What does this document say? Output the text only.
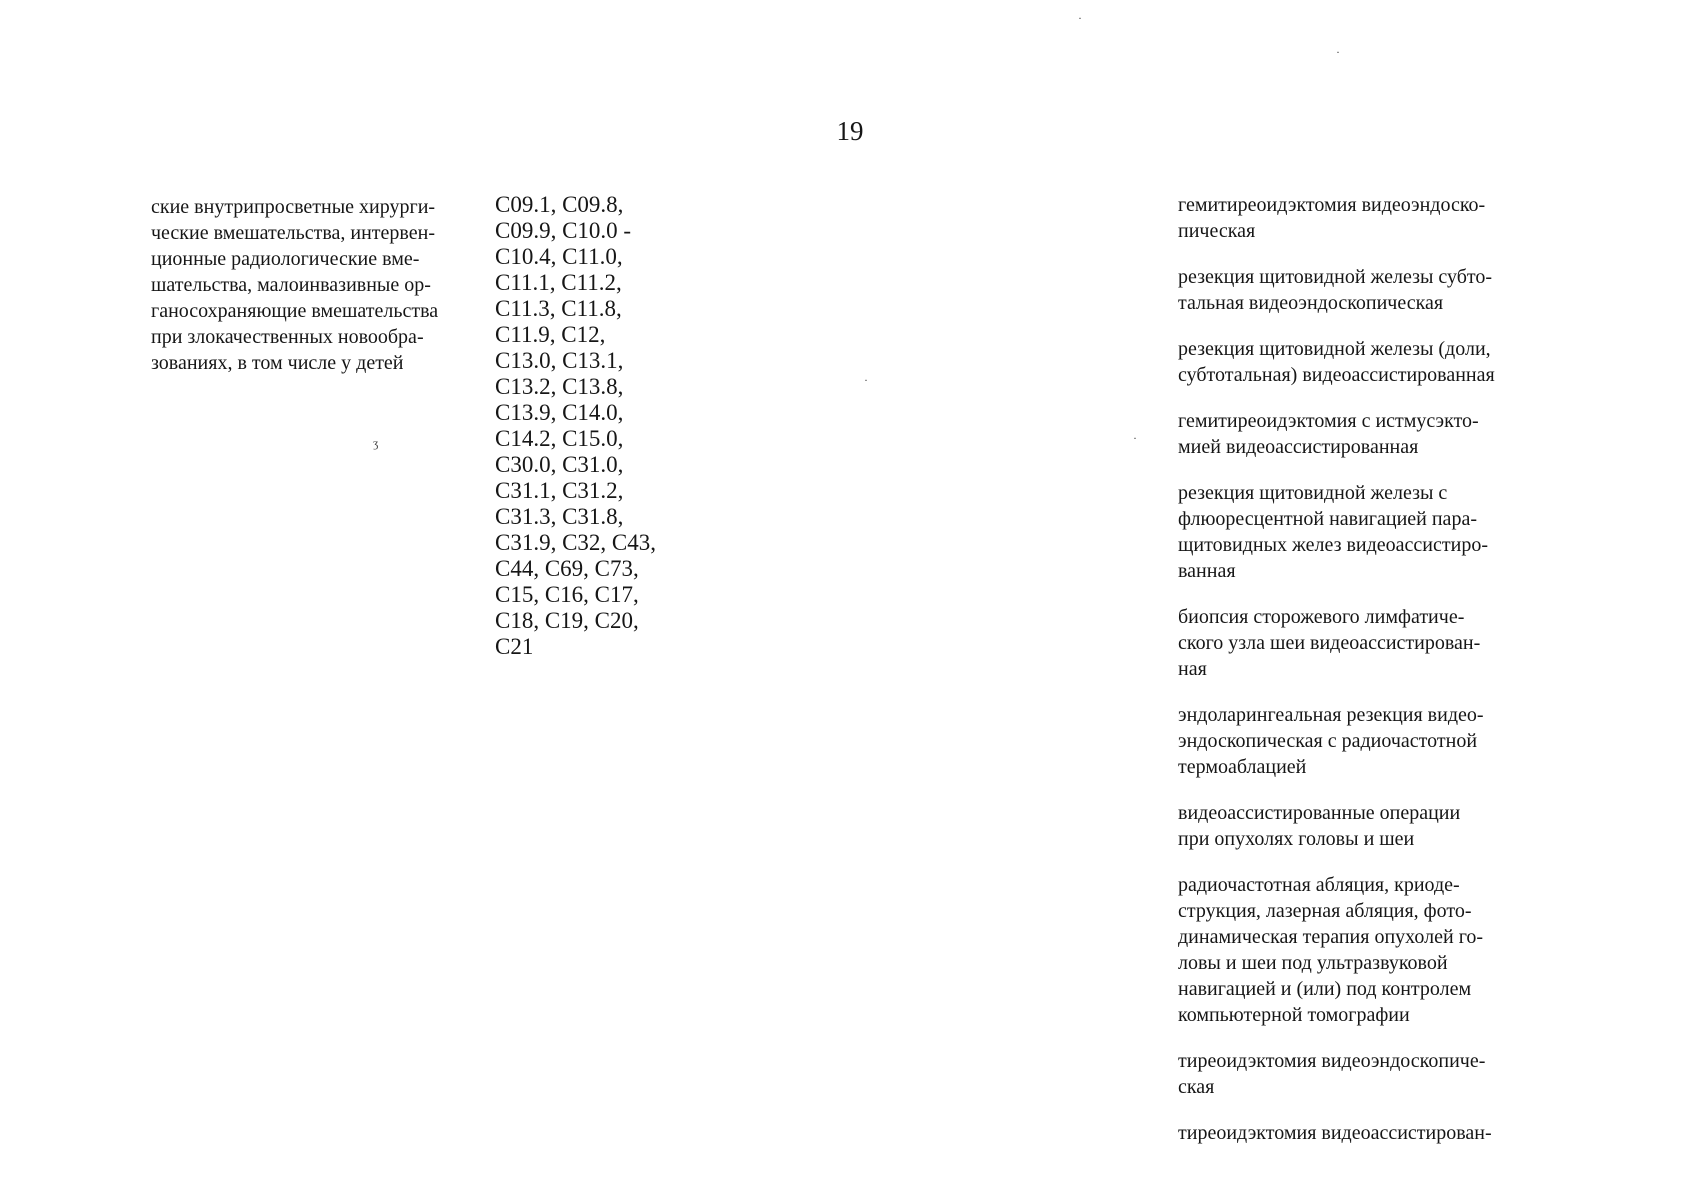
19
ские внутрипросветные хирурги-
ческие вмешательства, интервен-
ционные радиологические вме-
шательства, малоинвазивные ор-
ганосохраняющие вмешательства
при злокачественных новообра-
зованиях, в том числе у детей
C09.1, C09.8,
C09.9, C10.0 -
C10.4, C11.0,
C11.1, C11.2,
C11.3, C11.8,
C11.9, C12,
C13.0, C13.1,
C13.2, C13.8,
C13.9, C14.0,
C14.2, C15.0,
C30.0, C31.0,
C31.1, C31.2,
C31.3, C31.8,
C31.9, C32, C43,
C44, C69, C73,
C15, C16, C17,
C18, C19, C20,
C21
гемитиреоидэктомия видеоэндоско-
пическая
резекция щитовидной железы субто-
тальная видеоэндоскопическая
резекция щитовидной железы (доли,
субтотальная) видеоассистированная
гемитиреоидэктомия с истмусэкто-
мией видеоассистированная
резекция щитовидной железы с
флюоресцентной навигацией пара-
щитовидных желез видеоассистиро-
ванная
биопсия сторожевого лимфатиче-
ского узла шеи видеоассистирован-
ная
эндоларингеальная резекция видео-
эндоскопическая с радиочастотной
термоаблацией
видеоассистированные операции
при опухолях головы и шеи
радиочастотная абляция, криоде-
струкция, лазерная абляция, фото-
динамическая терапия опухолей го-
ловы и шеи под ультразвуковой
навигацией и (или) под контролем
компьютерной томографии
тиреоидэктомия видеоэндоскопиче-
ская
тиреоидэктомия видеоассистирован-
·
·
·
·
ʒ
